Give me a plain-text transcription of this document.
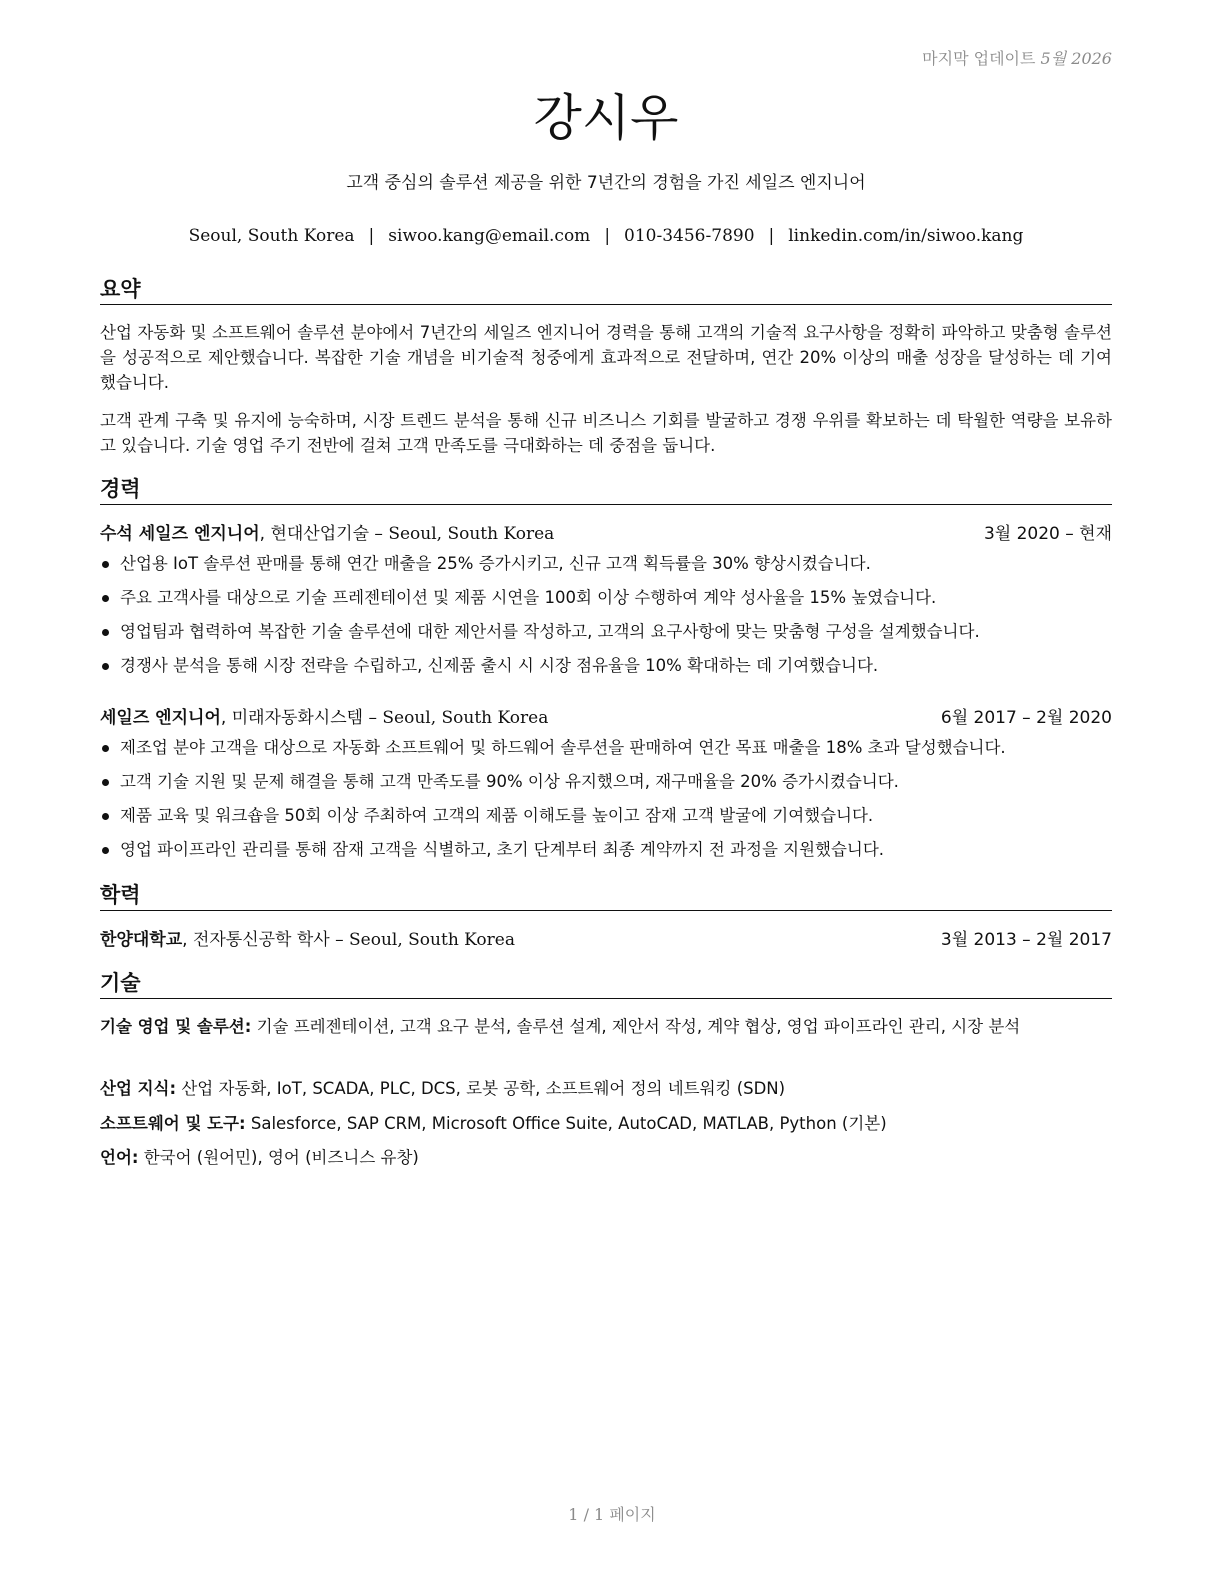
마지막 업데이트 5월 2026
강시우
고객 중심의 솔루션 제공을 위한 7년간의 경험을 가진 세일즈 엔지니어
Seoul, South Korea | siwoo.kang@email.com | 010-3456-7890 | linkedin.com/in/siwoo.kang
요약
산업 자동화 및 소프트웨어 솔루션 분야에서 7년간의 세일즈 엔지니어 경력을 통해 고객의 기술적 요구사항을 정확히 파악하고 맞춤형 솔루션을 성공적으로 제안했습니다. 복잡한 기술 개념을 비기술적 청중에게 효과적으로 전달하며, 연간 20% 이상의 매출 성장을 달성하는 데 기여했습니다.
고객 관계 구축 및 유지에 능숙하며, 시장 트렌드 분석을 통해 신규 비즈니스 기회를 발굴하고 경쟁 우위를 확보하는 데 탁월한 역량을 보유하고 있습니다. 기술 영업 주기 전반에 걸쳐 고객 만족도를 극대화하는 데 중점을 둡니다.
경력
수석 세일즈 엔지니어, 현대산업기술 – Seoul, South Korea	3월 2020 – 현재
산업용 IoT 솔루션 판매를 통해 연간 매출을 25% 증가시키고, 신규 고객 획득률을 30% 향상시켰습니다.
주요 고객사를 대상으로 기술 프레젠테이션 및 제품 시연을 100회 이상 수행하여 계약 성사율을 15% 높였습니다.
영업팀과 협력하여 복잡한 기술 솔루션에 대한 제안서를 작성하고, 고객의 요구사항에 맞는 맞춤형 구성을 설계했습니다.
경쟁사 분석을 통해 시장 전략을 수립하고, 신제품 출시 시 시장 점유율을 10% 확대하는 데 기여했습니다.
세일즈 엔지니어, 미래자동화시스템 – Seoul, South Korea	6월 2017 – 2월 2020
제조업 분야 고객을 대상으로 자동화 소프트웨어 및 하드웨어 솔루션을 판매하여 연간 목표 매출을 18% 초과 달성했습니다.
고객 기술 지원 및 문제 해결을 통해 고객 만족도를 90% 이상 유지했으며, 재구매율을 20% 증가시켰습니다.
제품 교육 및 워크숍을 50회 이상 주최하여 고객의 제품 이해도를 높이고 잠재 고객 발굴에 기여했습니다.
영업 파이프라인 관리를 통해 잠재 고객을 식별하고, 초기 단계부터 최종 계약까지 전 과정을 지원했습니다.
학력
한양대학교, 전자통신공학 학사 – Seoul, South Korea	3월 2013 – 2월 2017
기술
기술 영업 및 솔루션: 기술 프레젠테이션, 고객 요구 분석, 솔루션 설계, 제안서 작성, 계약 협상, 영업 파이프라인 관리, 시장 분석
산업 지식: 산업 자동화, IoT, SCADA, PLC, DCS, 로봇 공학, 소프트웨어 정의 네트워킹 (SDN)
소프트웨어 및 도구: Salesforce, SAP CRM, Microsoft Office Suite, AutoCAD, MATLAB, Python (기본)
언어: 한국어 (원어민), 영어 (비즈니스 유창)
1 / 1 페이지
